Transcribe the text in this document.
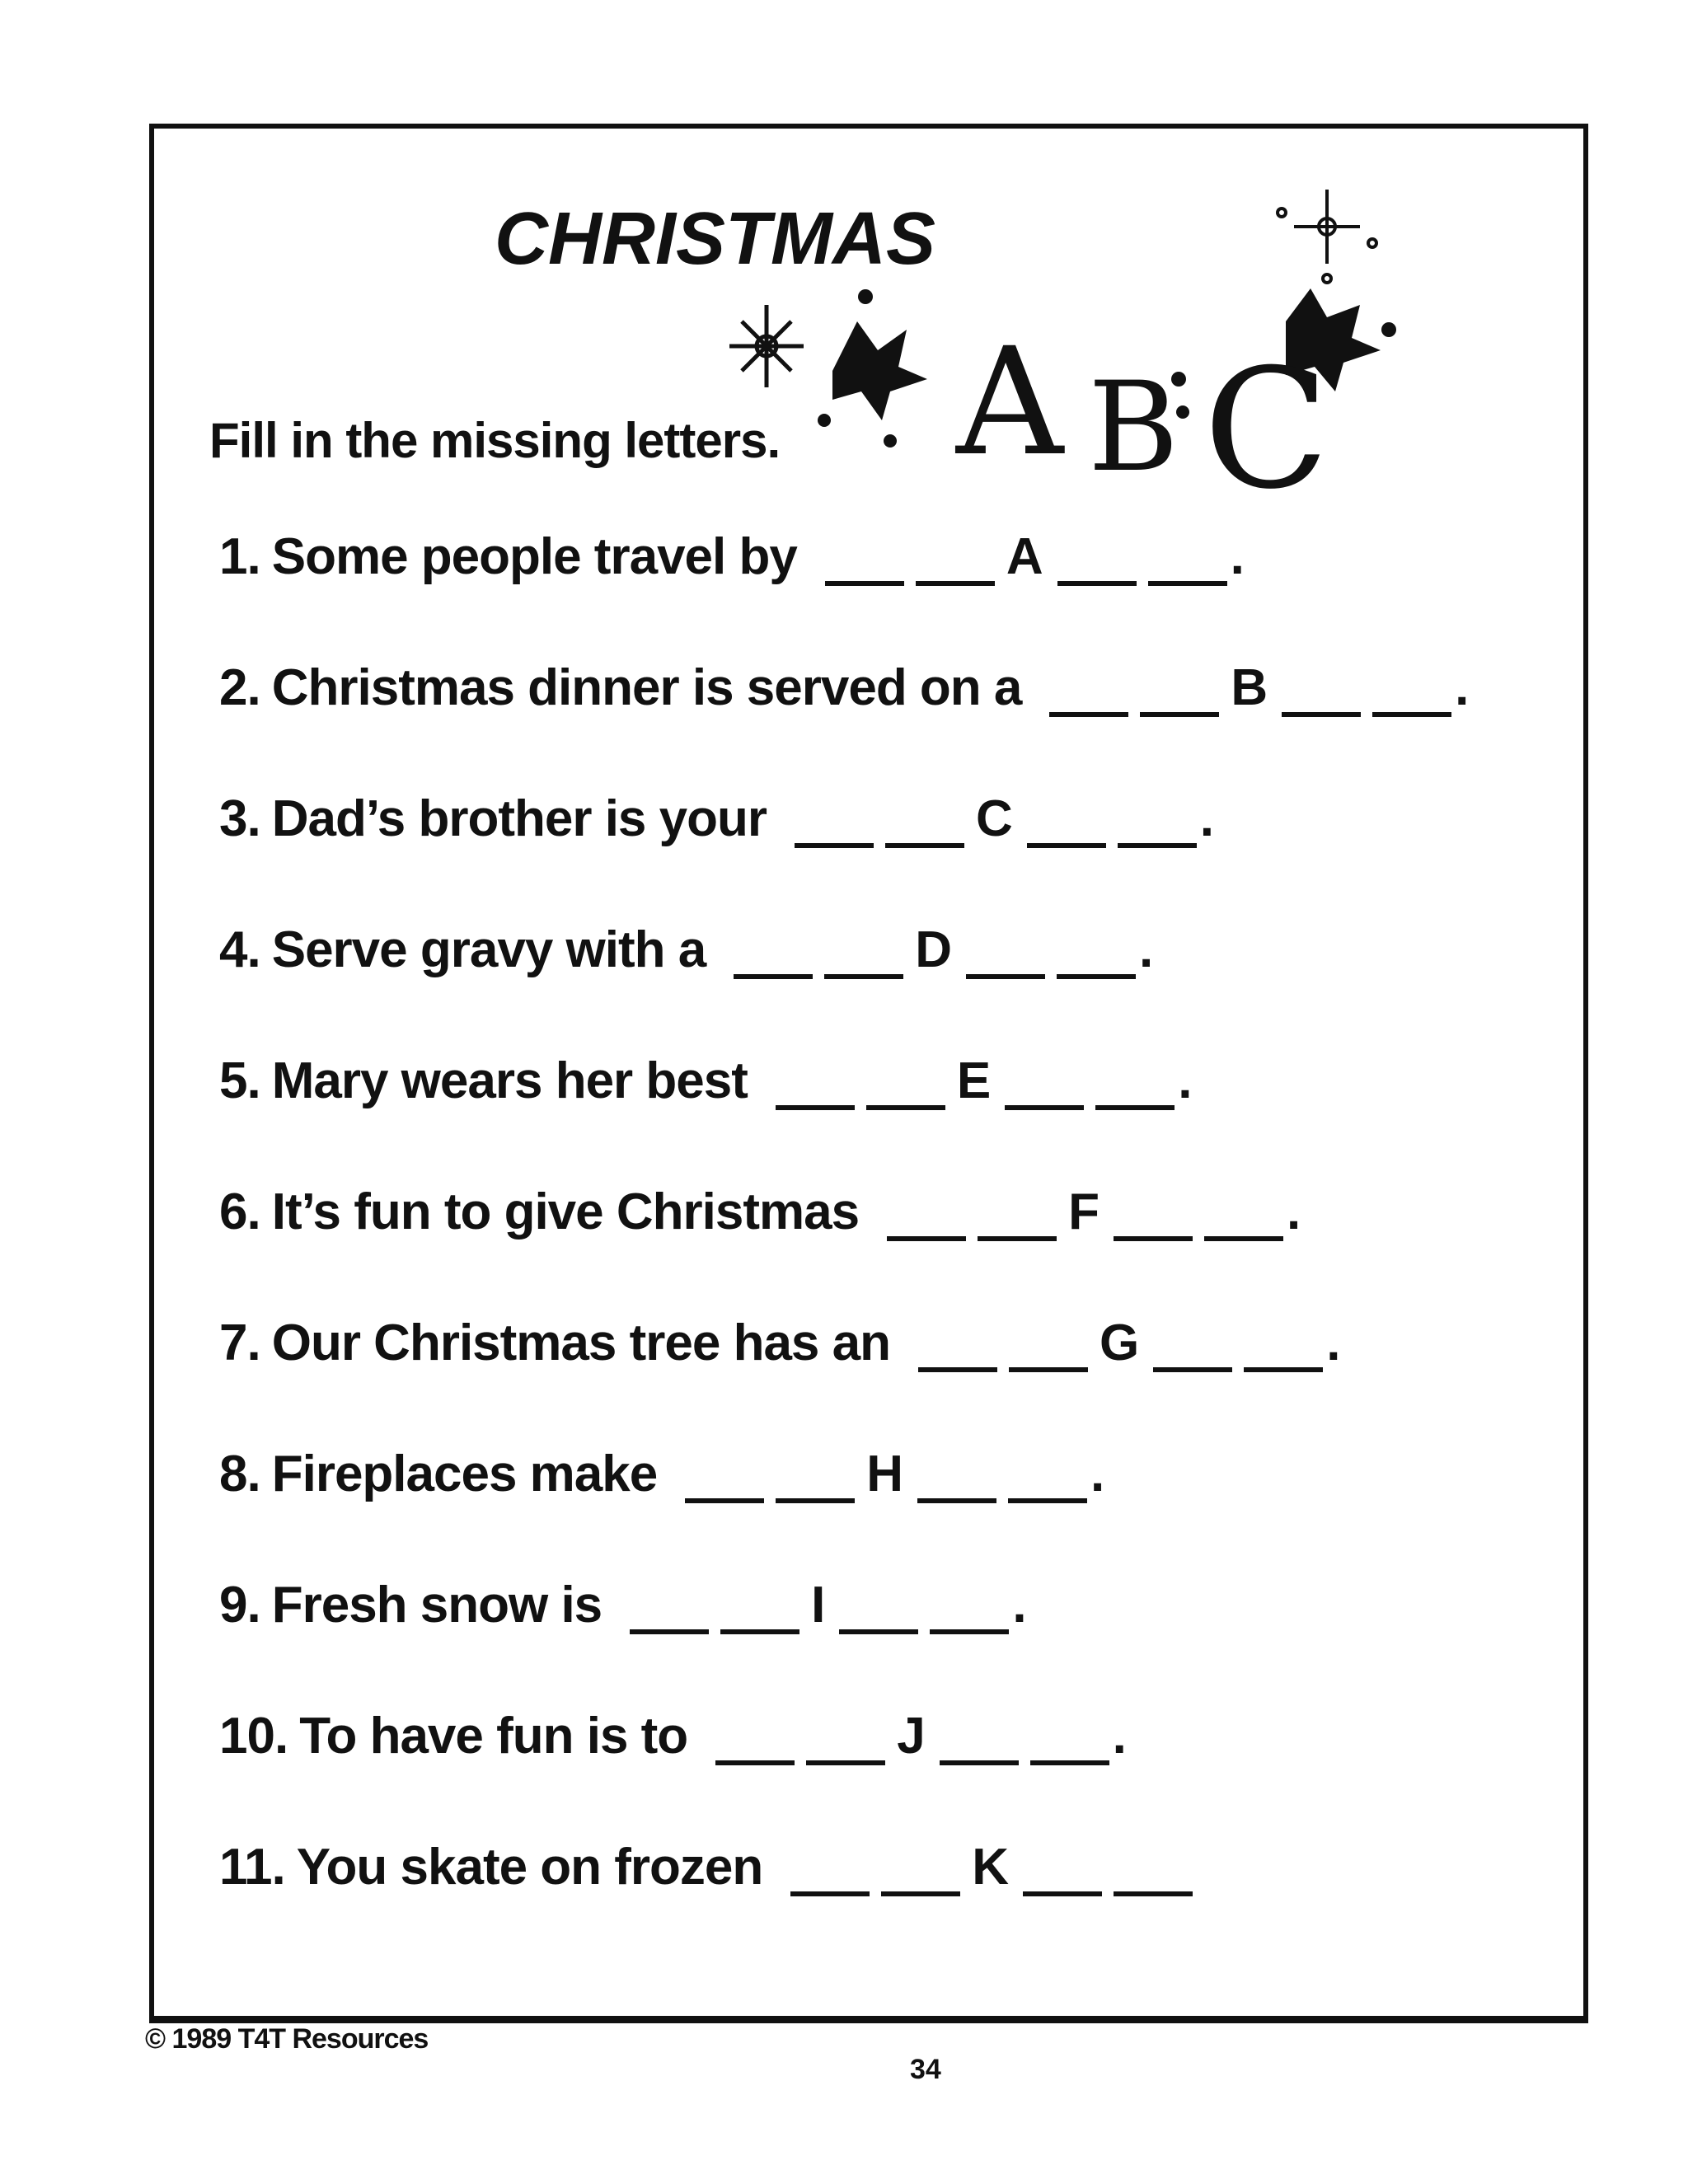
CHRISTMAS
A B C
Fill in the missing letters.
1. Some people travel by	A	.
2. Christmas dinner is served on a	B	.
3. Dad’s brother is your	C	.
4. Serve gravy with a	D	.
5. Mary wears her best	E	.
6. It’s fun to give Christmas	F	.
7. Our Christmas tree has an	G	.
8. Fireplaces make	H	.
9. Fresh snow is	I	.
10. To have fun is to	J	.
11. You skate on frozen	K
© 1989 T4T Resources
34
